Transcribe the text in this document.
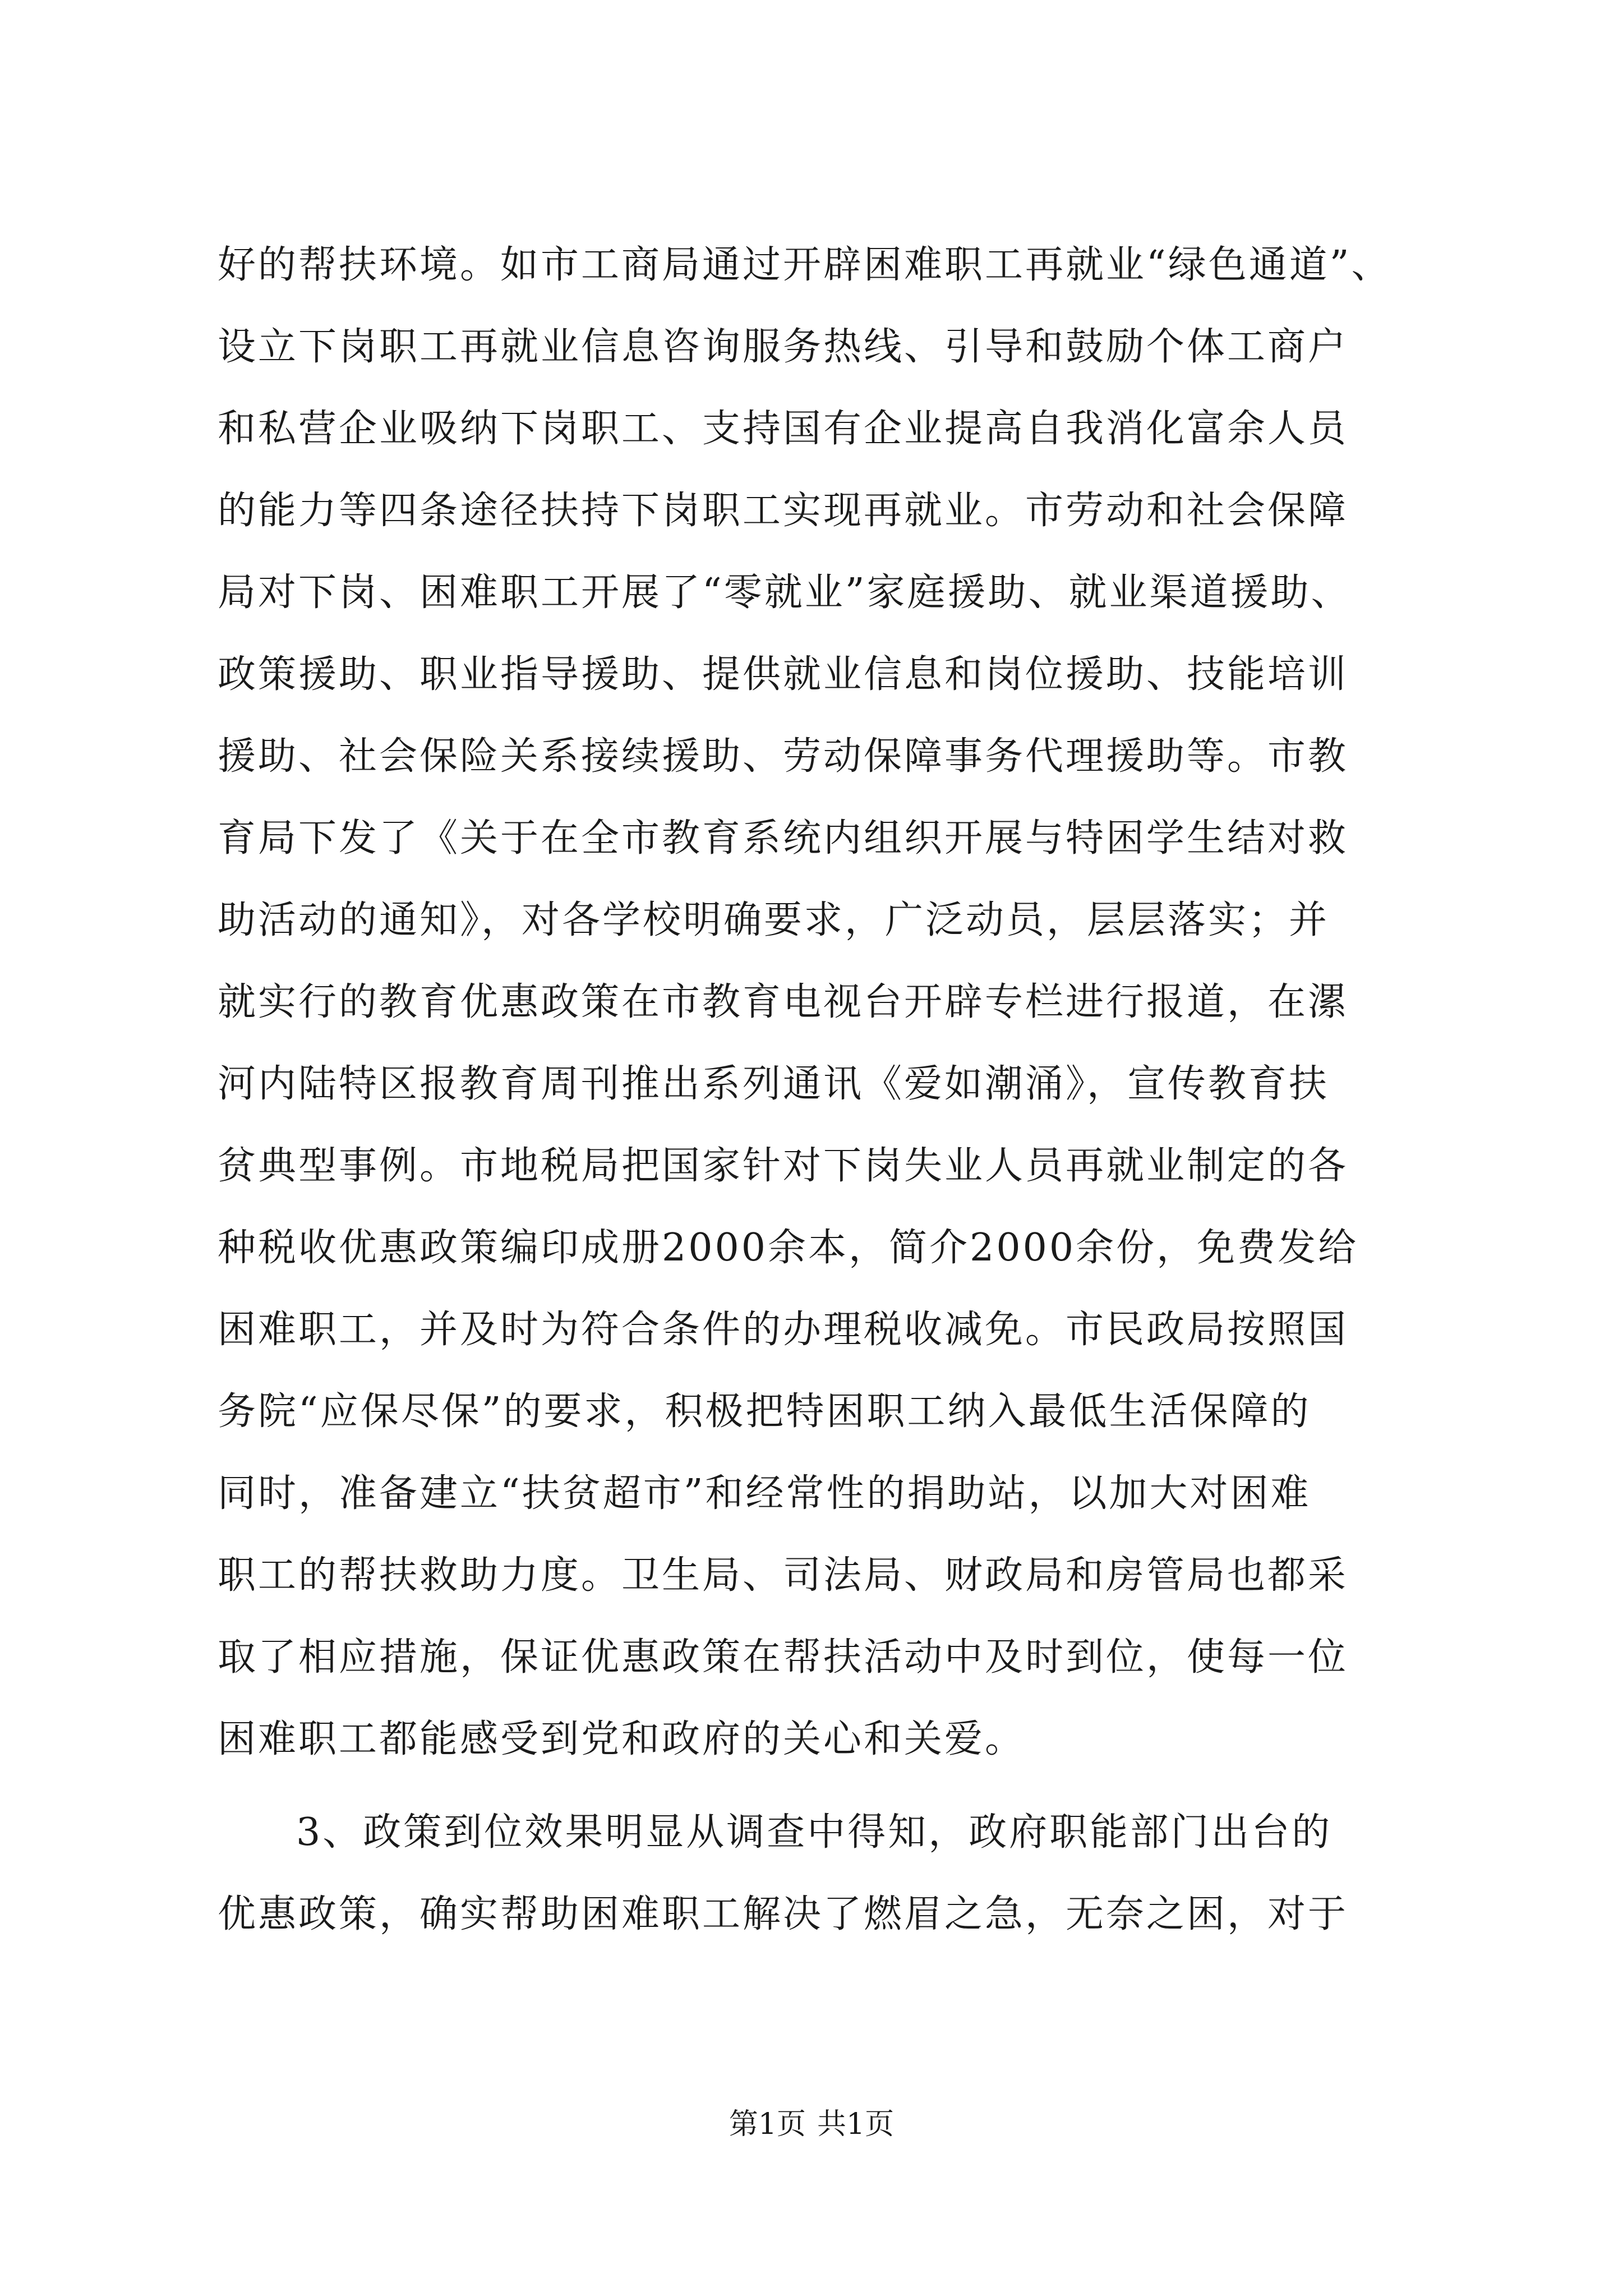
好的帮扶环境。如市工商局通过开辟困难职工再就业“绿色通道”、
设立下岗职工再就业信息咨询服务热线、引导和鼓励个体工商户
和私营企业吸纳下岗职工、支持国有企业提高自我消化富余人员
的能力等四条途径扶持下岗职工实现再就业。市劳动和社会保障
局对下岗、困难职工开展了“零就业”家庭援助、就业渠道援助、
政策援助、职业指导援助、提供就业信息和岗位援助、技能培训
援助、社会保险关系接续援助、劳动保障事务代理援助等。市教
育局下发了《关于在全市教育系统内组织开展与特困学生结对救
助活动的通知》，对各学校明确要求，广泛动员，层层落实；并
就实行的教育优惠政策在市教育电视台开辟专栏进行报道，在漯
河内陆特区报教育周刊推出系列通讯《爱如潮涌》，宣传教育扶
贫典型事例。市地税局把国家针对下岗失业人员再就业制定的各
种税收优惠政策编印成册2000余本，简介2000余份，免费发给
困难职工，并及时为符合条件的办理税收减免。市民政局按照国
务院“应保尽保”的要求，积极把特困职工纳入最低生活保障的
同时，准备建立“扶贫超市”和经常性的捐助站，以加大对困难
职工的帮扶救助力度。卫生局、司法局、财政局和房管局也都采
取了相应措施，保证优惠政策在帮扶活动中及时到位，使每一位
困难职工都能感受到党和政府的关心和关爱。
3、政策到位效果明显从调查中得知，政府职能部门出台的
优惠政策，确实帮助困难职工解决了燃眉之急，无奈之困，对于
第1页 共1页
